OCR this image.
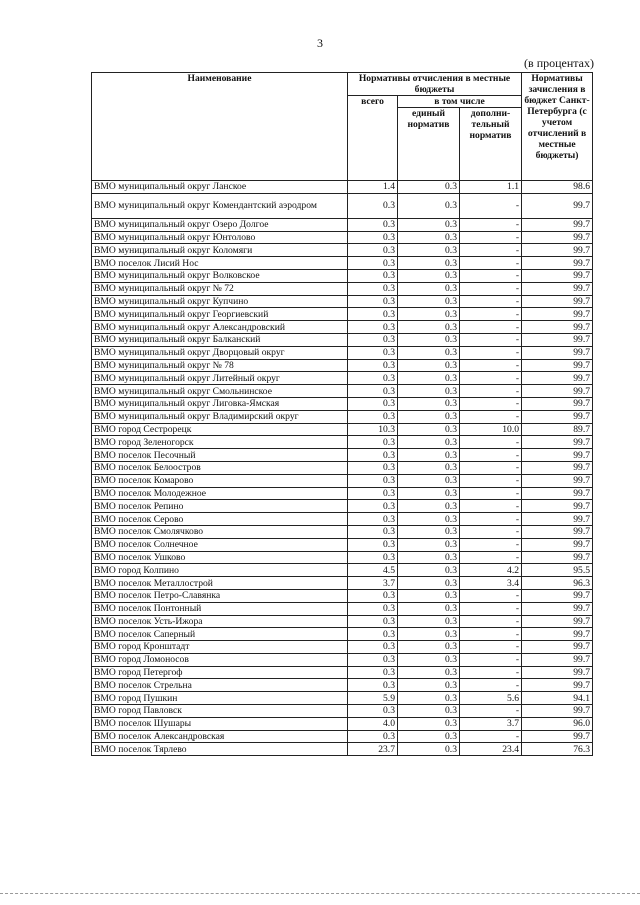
3
(в процентах)
Наименование	Нормативы отчисления в местные бюджеты			Нормативы зачисления в бюджет Санкт- Петербурга (с учетом отчислений в местные бюджеты)
	всего	в том числе		
		единый норматив	дополни- тельный норматив	
ВМО муниципальный округ Ланское	1.4	0.3	1.1	98.6
ВМО муниципальный округ Комендантский аэродром	0.3	0.3	-	99.7
ВМО муниципальный округ Озеро Долгое	0.3	0.3	-	99.7
ВМО муниципальный округ Юнтолово	0.3	0.3	-	99.7
ВМО муниципальный округ Коломяги	0.3	0.3	-	99.7
ВМО поселок Лисий Нос	0.3	0.3	-	99.7
ВМО муниципальный округ Волковское	0.3	0.3	-	99.7
ВМО муниципальный округ № 72	0.3	0.3	-	99.7
ВМО муниципальный округ Купчино	0.3	0.3	-	99.7
ВМО муниципальный округ Георгиевский	0.3	0.3	-	99.7
ВМО муниципальный округ Александровский	0.3	0.3	-	99.7
ВМО муниципальный округ Балканский	0.3	0.3	-	99.7
ВМО муниципальный округ Дворцовый округ	0.3	0.3	-	99.7
ВМО муниципальный округ № 78	0.3	0.3	-	99.7
ВМО муниципальный округ Литейный округ	0.3	0.3	-	99.7
ВМО муниципальный округ Смольнинское	0.3	0.3	-	99.7
ВМО муниципальный округ Лиговка-Ямская	0.3	0.3	-	99.7
ВМО муниципальный округ Владимирский округ	0.3	0.3	-	99.7
ВМО город Сестрорецк	10.3	0.3	10.0	89.7
ВМО город Зеленогорск	0.3	0.3	-	99.7
ВМО поселок Песочный	0.3	0.3	-	99.7
ВМО поселок Белоостров	0.3	0.3	-	99.7
ВМО поселок Комарово	0.3	0.3	-	99.7
ВМО поселок Молодежное	0.3	0.3	-	99.7
ВМО поселок Репино	0.3	0.3	-	99.7
ВМО поселок Серово	0.3	0.3	-	99.7
ВМО поселок Смолячково	0.3	0.3	-	99.7
ВМО поселок Солнечное	0.3	0.3	-	99.7
ВМО поселок Ушково	0.3	0.3	-	99.7
ВМО город Колпино	4.5	0.3	4.2	95.5
ВМО поселок Металлострой	3.7	0.3	3.4	96.3
ВМО поселок Петро-Славянка	0.3	0.3	-	99.7
ВМО поселок Понтонный	0.3	0.3	-	99.7
ВМО поселок Усть-Ижора	0.3	0.3	-	99.7
ВМО поселок Саперный	0.3	0.3	-	99.7
ВМО город Кронштадт	0.3	0.3	-	99.7
ВМО город Ломоносов	0.3	0.3	-	99.7
ВМО город Петергоф	0.3	0.3	-	99.7
ВМО поселок Стрельна	0.3	0.3	-	99.7
ВМО город Пушкин	5.9	0.3	5.6	94.1
ВМО город Павловск	0.3	0.3	-	99.7
ВМО поселок Шушары	4.0	0.3	3.7	96.0
ВМО поселок Александровская	0.3	0.3	-	99.7
ВМО поселок Тярлево	23.7	0.3	23.4	76.3
